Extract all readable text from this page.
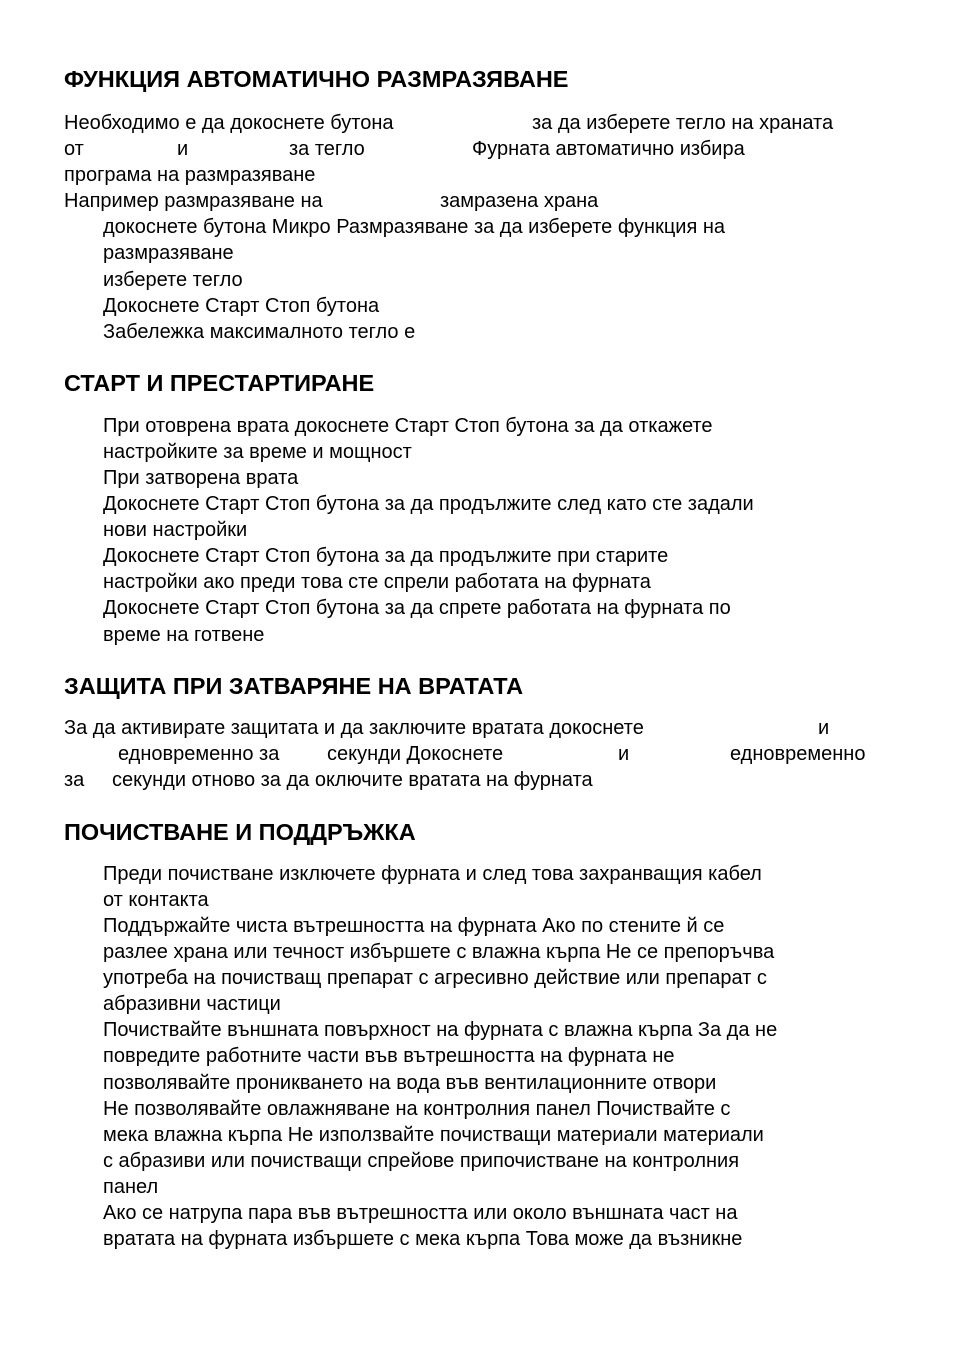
ФУНКЦИЯ АВТОМАТИЧНО РАЗМРАЗЯВАНЕ
Необходимо е да докоснете бутона	за да изберете тегло на храната
от	и	за тегло	Фурната автоматично избира
програма на размразяване
Например размразяване на	замразена храна
докоснете бутона Микро Размразяване за да изберете функция на
размразяване
изберете тегло
Докоснете Старт Стоп бутона
Забележка максималното тегло е
СТАРТ И ПРЕСТАРТИРАНЕ
При отоврена врата докоснете Старт Стоп бутона за да откажете
настройките за време и мощност
При затворена врата
Докоснете Старт Стоп бутона за да продължите след като сте задали
нови настройки
Докоснете Старт Стоп бутона за да продължите при старите
настройки ако преди това сте спрели работата на фурната
Докоснете Старт Стоп бутона за да спрете работата на фурната по
време на готвене
ЗАЩИТА ПРИ ЗАТВАРЯНЕ НА ВРАТАТА
За да активирате защитата и да заключите вратата докоснете	и
едновременно за секунди Докоснете	и	едновременно
за секунди отново за да оключите вратата на фурната
ПОЧИСТВАНЕ И ПОДДРЪЖКА
Преди почистване изключете фурната и след това захранващия кабел
от контакта
Поддържайте чиста вътрешността на фурната Ако по стените й се
разлее храна или течност избършете с влажна кърпа Не се препоръчва
употреба на почистващ препарат с агресивно действие или препарат с
абразивни частици
Почиствайте външната повърхност на фурната с влажна кърпа За да не
повредите работните части във вътрешността на фурната не
позволявайте проникването на вода във вентилационните отвори
Не позволявайте овлажняване на контролния панел Почиствайте с
мека влажна кърпа Не използвайте почистващи материали материали
с абразиви или почистващи спрейове припочистване на контролния
панел
Ако се натрупа пара във вътрешността или около външната част на
вратата на фурната избършете с мека кърпа Това може да възникне
